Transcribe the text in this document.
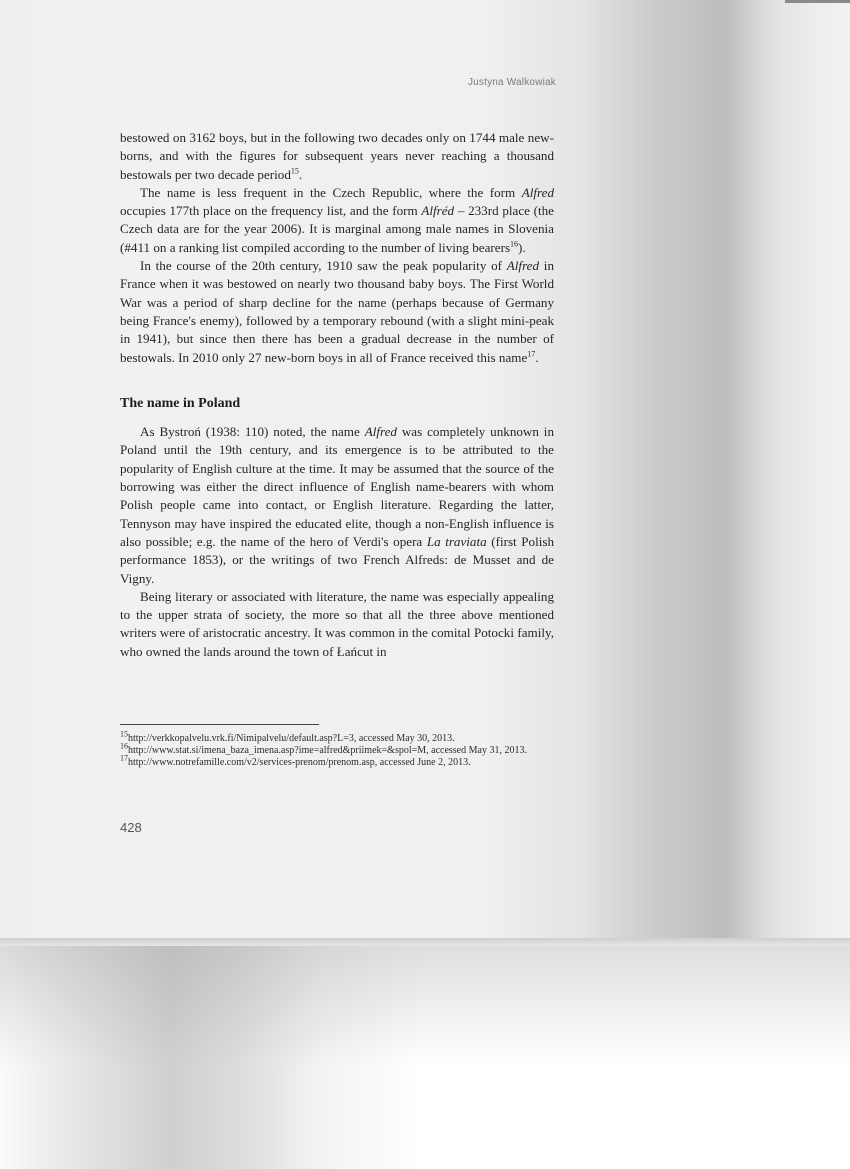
Justyna Walkowiak

bestowed on 3162 boys, but in the following two decades only on 1744 male new-borns, and with the figures for subsequent years never reaching a thousand bestowals per two decade period$^{15}$.

The name is less frequent in the Czech Republic, where the form Alfred occupies 177th place on the frequency list, and the form Alfréd – 233rd place (the Czech data are for the year 2006). It is marginal among male names in Slovenia (#411 on a ranking list compiled according to the number of living bearers$^{16}$).

In the course of the 20th century, 1910 saw the peak popularity of Alfred in France when it was bestowed on nearly two thousand baby boys. The First World War was a period of sharp decline for the name (perhaps because of Germany being France's enemy), followed by a temporary rebound (with a slight mini-peak in 1941), but since then there has been a gradual decrease in the number of bestowals. In 2010 only 27 new-born boys in all of France received this name$^{17}$.

The name in Poland

As Bystroń (1938: 110) noted, the name Alfred was completely unknown in Poland until the 19th century, and its emergence is to be attributed to the popularity of English culture at the time. It may be assumed that the source of the borrowing was either the direct influence of English name-bearers with whom Polish people came into contact, or English literature. Regarding the latter, Tennyson may have inspired the educated elite, though a non-English influence is also possible; e.g. the name of the hero of Verdi's opera La traviata (first Polish performance 1853), or the writings of two French Alfreds: de Musset and de Vigny.

Being literary or associated with literature, the name was especially appealing to the upper strata of society, the more so that all the three above mentioned writers were of aristocratic ancestry. It was common in the comital Potocki family, who owned the lands around the town of Łańcut in

$^{15}$http://verkkopalvelu.vrk.fi/Nimipalvelu/default.asp?L=3, accessed May 30, 2013.

$^{16}$http://www.stat.si/imena_baza_imena.asp?ime=alfred&priimek=&spol=M, accessed May 31, 2013.

$^{17}$http://www.notrefamille.com/v2/services-prenom/prenom.asp, accessed June 2, 2013.

428
